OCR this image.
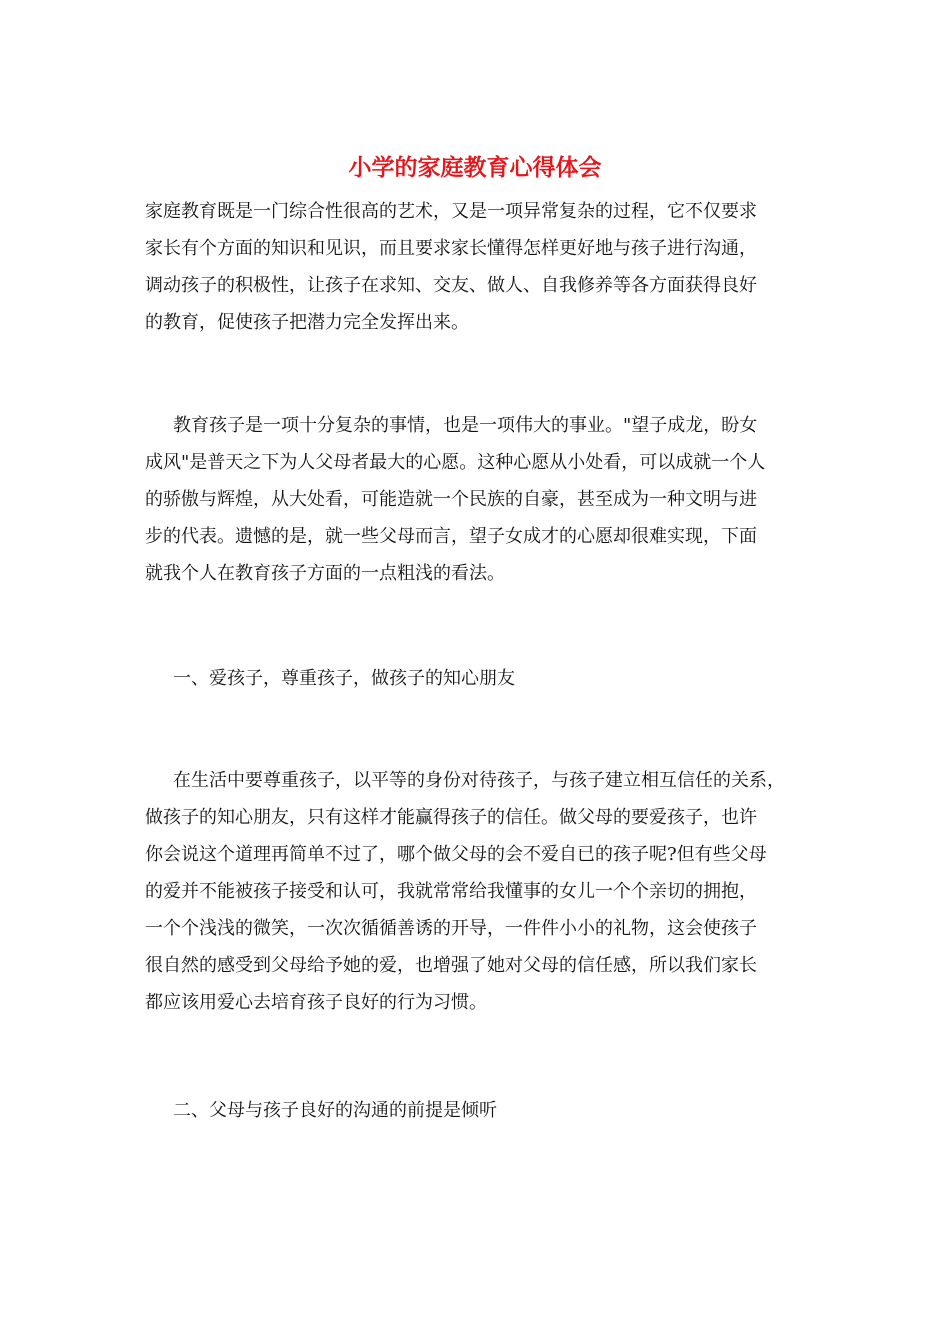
小学的家庭教育心得体会
家庭教育既是一门综合性很高的艺术，又是一项异常复杂的过程，它不仅要求
家长有个方面的知识和见识，而且要求家长懂得怎样更好地与孩子进行沟通，
调动孩子的积极性，让孩子在求知、交友、做人、自我修养等各方面获得良好
的教育，促使孩子把潜力完全发挥出来。
教育孩子是一项十分复杂的事情，也是一项伟大的事业。"望子成龙，盼女
成风"是普天之下为人父母者最大的心愿。这种心愿从小处看，可以成就一个人
的骄傲与辉煌，从大处看，可能造就一个民族的自豪，甚至成为一种文明与进
步的代表。遗憾的是，就一些父母而言，望子女成才的心愿却很难实现，下面
就我个人在教育孩子方面的一点粗浅的看法。
一、爱孩子，尊重孩子，做孩子的知心朋友
在生活中要尊重孩子，以平等的身份对待孩子，与孩子建立相互信任的关系，
做孩子的知心朋友，只有这样才能赢得孩子的信任。做父母的要爱孩子，也许
你会说这个道理再简单不过了，哪个做父母的会不爱自已的孩子呢?但有些父母
的爱并不能被孩子接受和认可，我就常常给我懂事的女儿一个个亲切的拥抱，
一个个浅浅的微笑，一次次循循善诱的开导，一件件小小的礼物，这会使孩子
很自然的感受到父母给予她的爱，也增强了她对父母的信任感，所以我们家长
都应该用爱心去培育孩子良好的行为习惯。
二、父母与孩子良好的沟通的前提是倾听
